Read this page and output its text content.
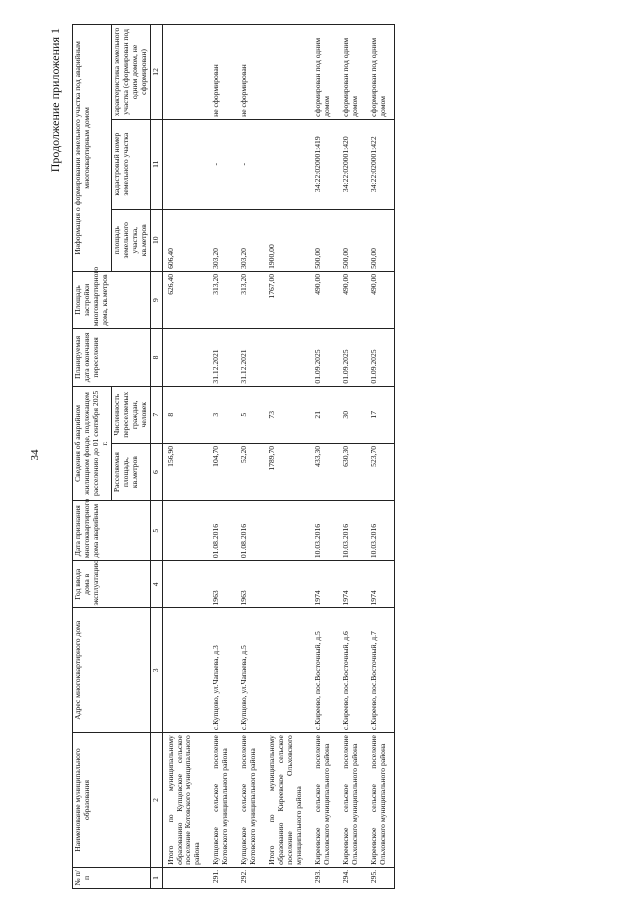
34
Продолжение приложения 1
№ п/п	Наименование муниципального образования	Адрес многоквартирного дома	Год ввода дома в эксплуатацию	Дата признания многоквартирного дома аварийным	Сведения об аварийном жилищном фонде, подлежащем расселению до 01 сентября 2025 г.		Планируемая дата окончания переселения	Площадь застройки многоквартирного дома, кв.метров	Информация о формировании земельного участка под аварийным многоквартирным домом		
					Расселяемая площадь, кв.метров	Численность переселяемых граждан, человек			площадь земельного участка, кв.метров	кадастровый номер земельного участка	характеристика земельного участка (сформирован под одним домом, не сформирован)
1	2	3	4	5	6	7	8	9	10	11	12
	Итого по муниципальному образованию Купцовское сельское поселение Котовского муниципального района				156,90	8		626,40	606,40		
291.	Купцовское сельское поселение Котовского муниципального района	с.Купцово, ул.Чапаева, д.3	1963	01.08.2016	104,70	3	31.12.2021	313,20	303,20	-	не сформирован
292.	Купцовское сельское поселение Котовского муниципального района	с.Купцово, ул.Чапаева, д.5	1963	01.08.2016	52,20	5	31.12.2021	313,20	303,20	-	не сформирован
	Итого по муниципальному образованию Киреевское сельское поселение Ольховского муниципального района				1789,70	73		1767,00	1900,00		
293.	Киреевское сельское поселение Ольховского муниципального района	с.Киреево, пос.Восточный, д.5	1974	10.03.2016	433,30	21	01.09.2025	490,00	500,00	34:22:020001:419	сформирован под одним домом
294.	Киреевское сельское поселение Ольховского муниципального района	с.Киреево, пос.Восточный, д.6	1974	10.03.2016	630,30	30	01.09.2025	490,00	500,00	34:22:020001:420	сформирован под одним домом
295.	Киреевское сельское поселение Ольховского муниципального района	с.Киреево, пос.Восточный, д.7	1974	10.03.2016	523,70	17	01.09.2025	490,00	500,00	34:22:020001:422	сформирован под одним домом
